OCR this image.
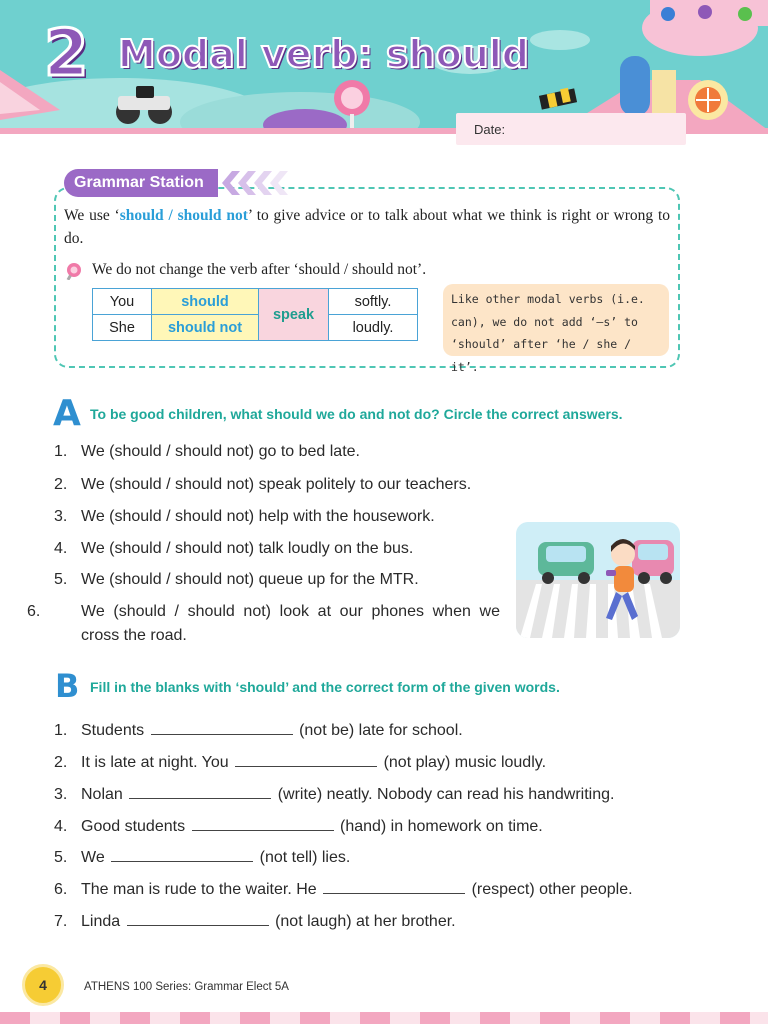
2 Modal verb: should
Date:
Grammar Station
We use ‘should / should not’ to give advice or to talk about what we think is right or wrong to do.
We do not change the verb after ‘should / should not’.
You	should	speak	softly.
She	should not		loudly.
Like other modal verbs (i.e. can), we do not add ‘–s’ to ‘should’ after ‘he / she / it’.
A To be good children, what should we do and not do? Circle the correct answers.
1. We (should / should not) go to bed late.
2. We (should / should not) speak politely to our teachers.
3. We (should / should not) help with the housework.
4. We (should / should not) talk loudly on the bus.
5. We (should / should not) queue up for the MTR.
6.	We (should / should not) look at our phones when we cross the road.
B Fill in the blanks with ‘should’ and the correct form of the given words.
1. Students	(not be) late for school.
2. It is late at night. You	(not play) music loudly.
3. Nolan	(write) neatly. Nobody can read his handwriting.
4. Good students	(hand) in homework on time.
5. We	(not tell) lies.
6. The man is rude to the waiter. He	(respect) other people.
7. Linda	(not laugh) at her brother.
4	ATHENS 100 Series: Grammar Elect 5A
